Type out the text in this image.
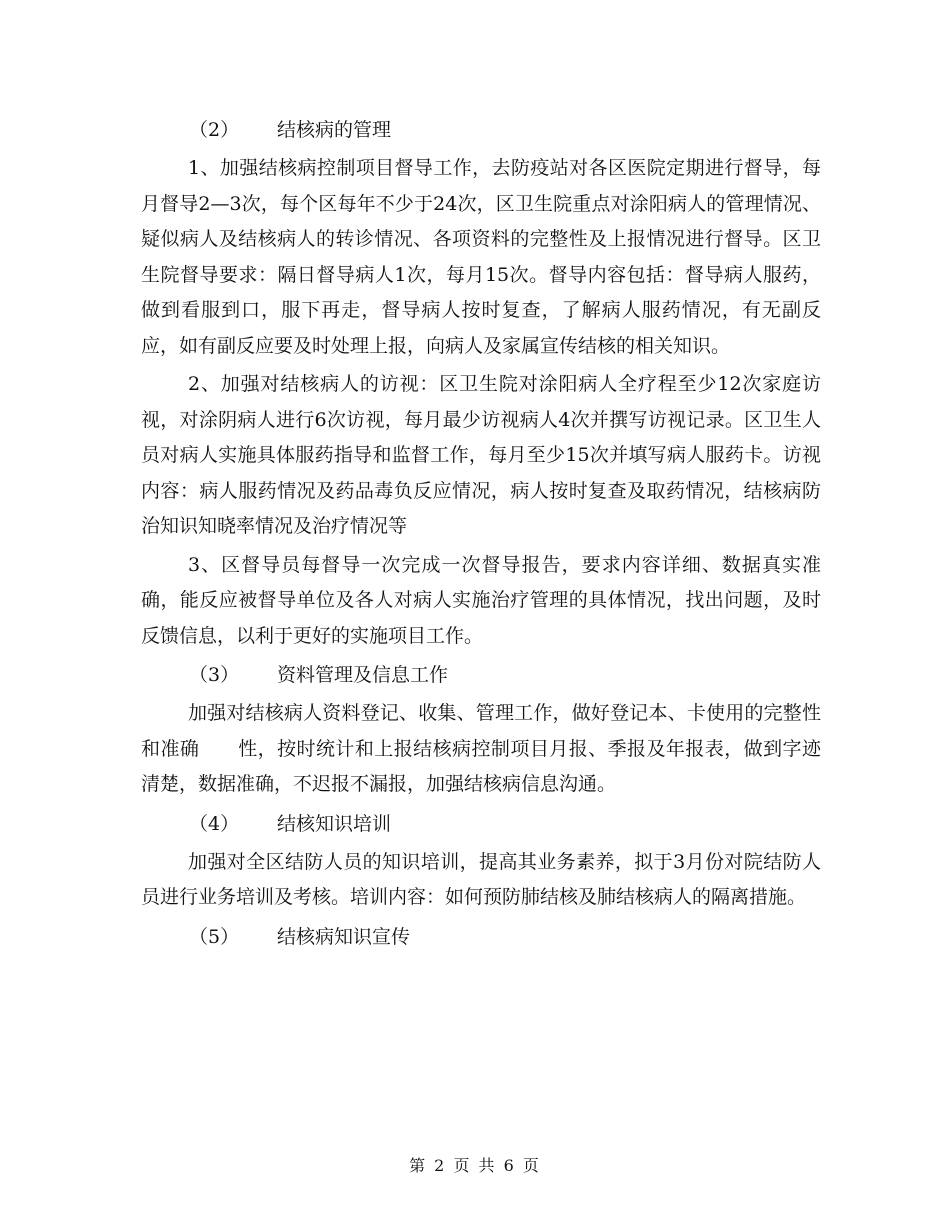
（2） 结核病的管理

1、加强结核病控制项目督导工作，去防疫站对各区医院定期进行督导，每月督导2—3次，每个区每年不少于24次，区卫生院重点对涂阳病人的管理情况、疑似病人及结核病人的转诊情况、各项资料的完整性及上报情况进行督导。区卫生院督导要求：隔日督导病人1次，每月15次。督导内容包括：督导病人服药，做到看服到口，服下再走，督导病人按时复查，了解病人服药情况，有无副反应，如有副反应要及时处理上报，向病人及家属宣传结核的相关知识。

2、加强对结核病人的访视：区卫生院对涂阳病人全疗程至少12次家庭访视，对涂阴病人进行6次访视，每月最少访视病人4次并撰写访视记录。区卫生人员对病人实施具体服药指导和监督工作，每月至少15次并填写病人服药卡。访视内容：病人服药情况及药品毒负反应情况，病人按时复查及取药情况，结核病防治知识知晓率情况及治疗情况等

3、区督导员每督导一次完成一次督导报告，要求内容详细、数据真实准确，能反应被督导单位及各人对病人实施治疗管理的具体情况，找出问题，及时反馈信息，以利于更好的实施项目工作。

（3） 资料管理及信息工作

加强对结核病人资料登记、收集、管理工作，做好登记本、卡使用的完整性和准确　　性，按时统计和上报结核病控制项目月报、季报及年报表，做到字迹清楚，数据准确，不迟报不漏报，加强结核病信息沟通。

（4） 结核知识培训

加强对全区结防人员的知识培训，提高其业务素养，拟于3月份对院结防人员进行业务培训及考核。培训内容：如何预防肺结核及肺结核病人的隔离措施。

（5） 结核病知识宣传
第 2 页 共 6 页
